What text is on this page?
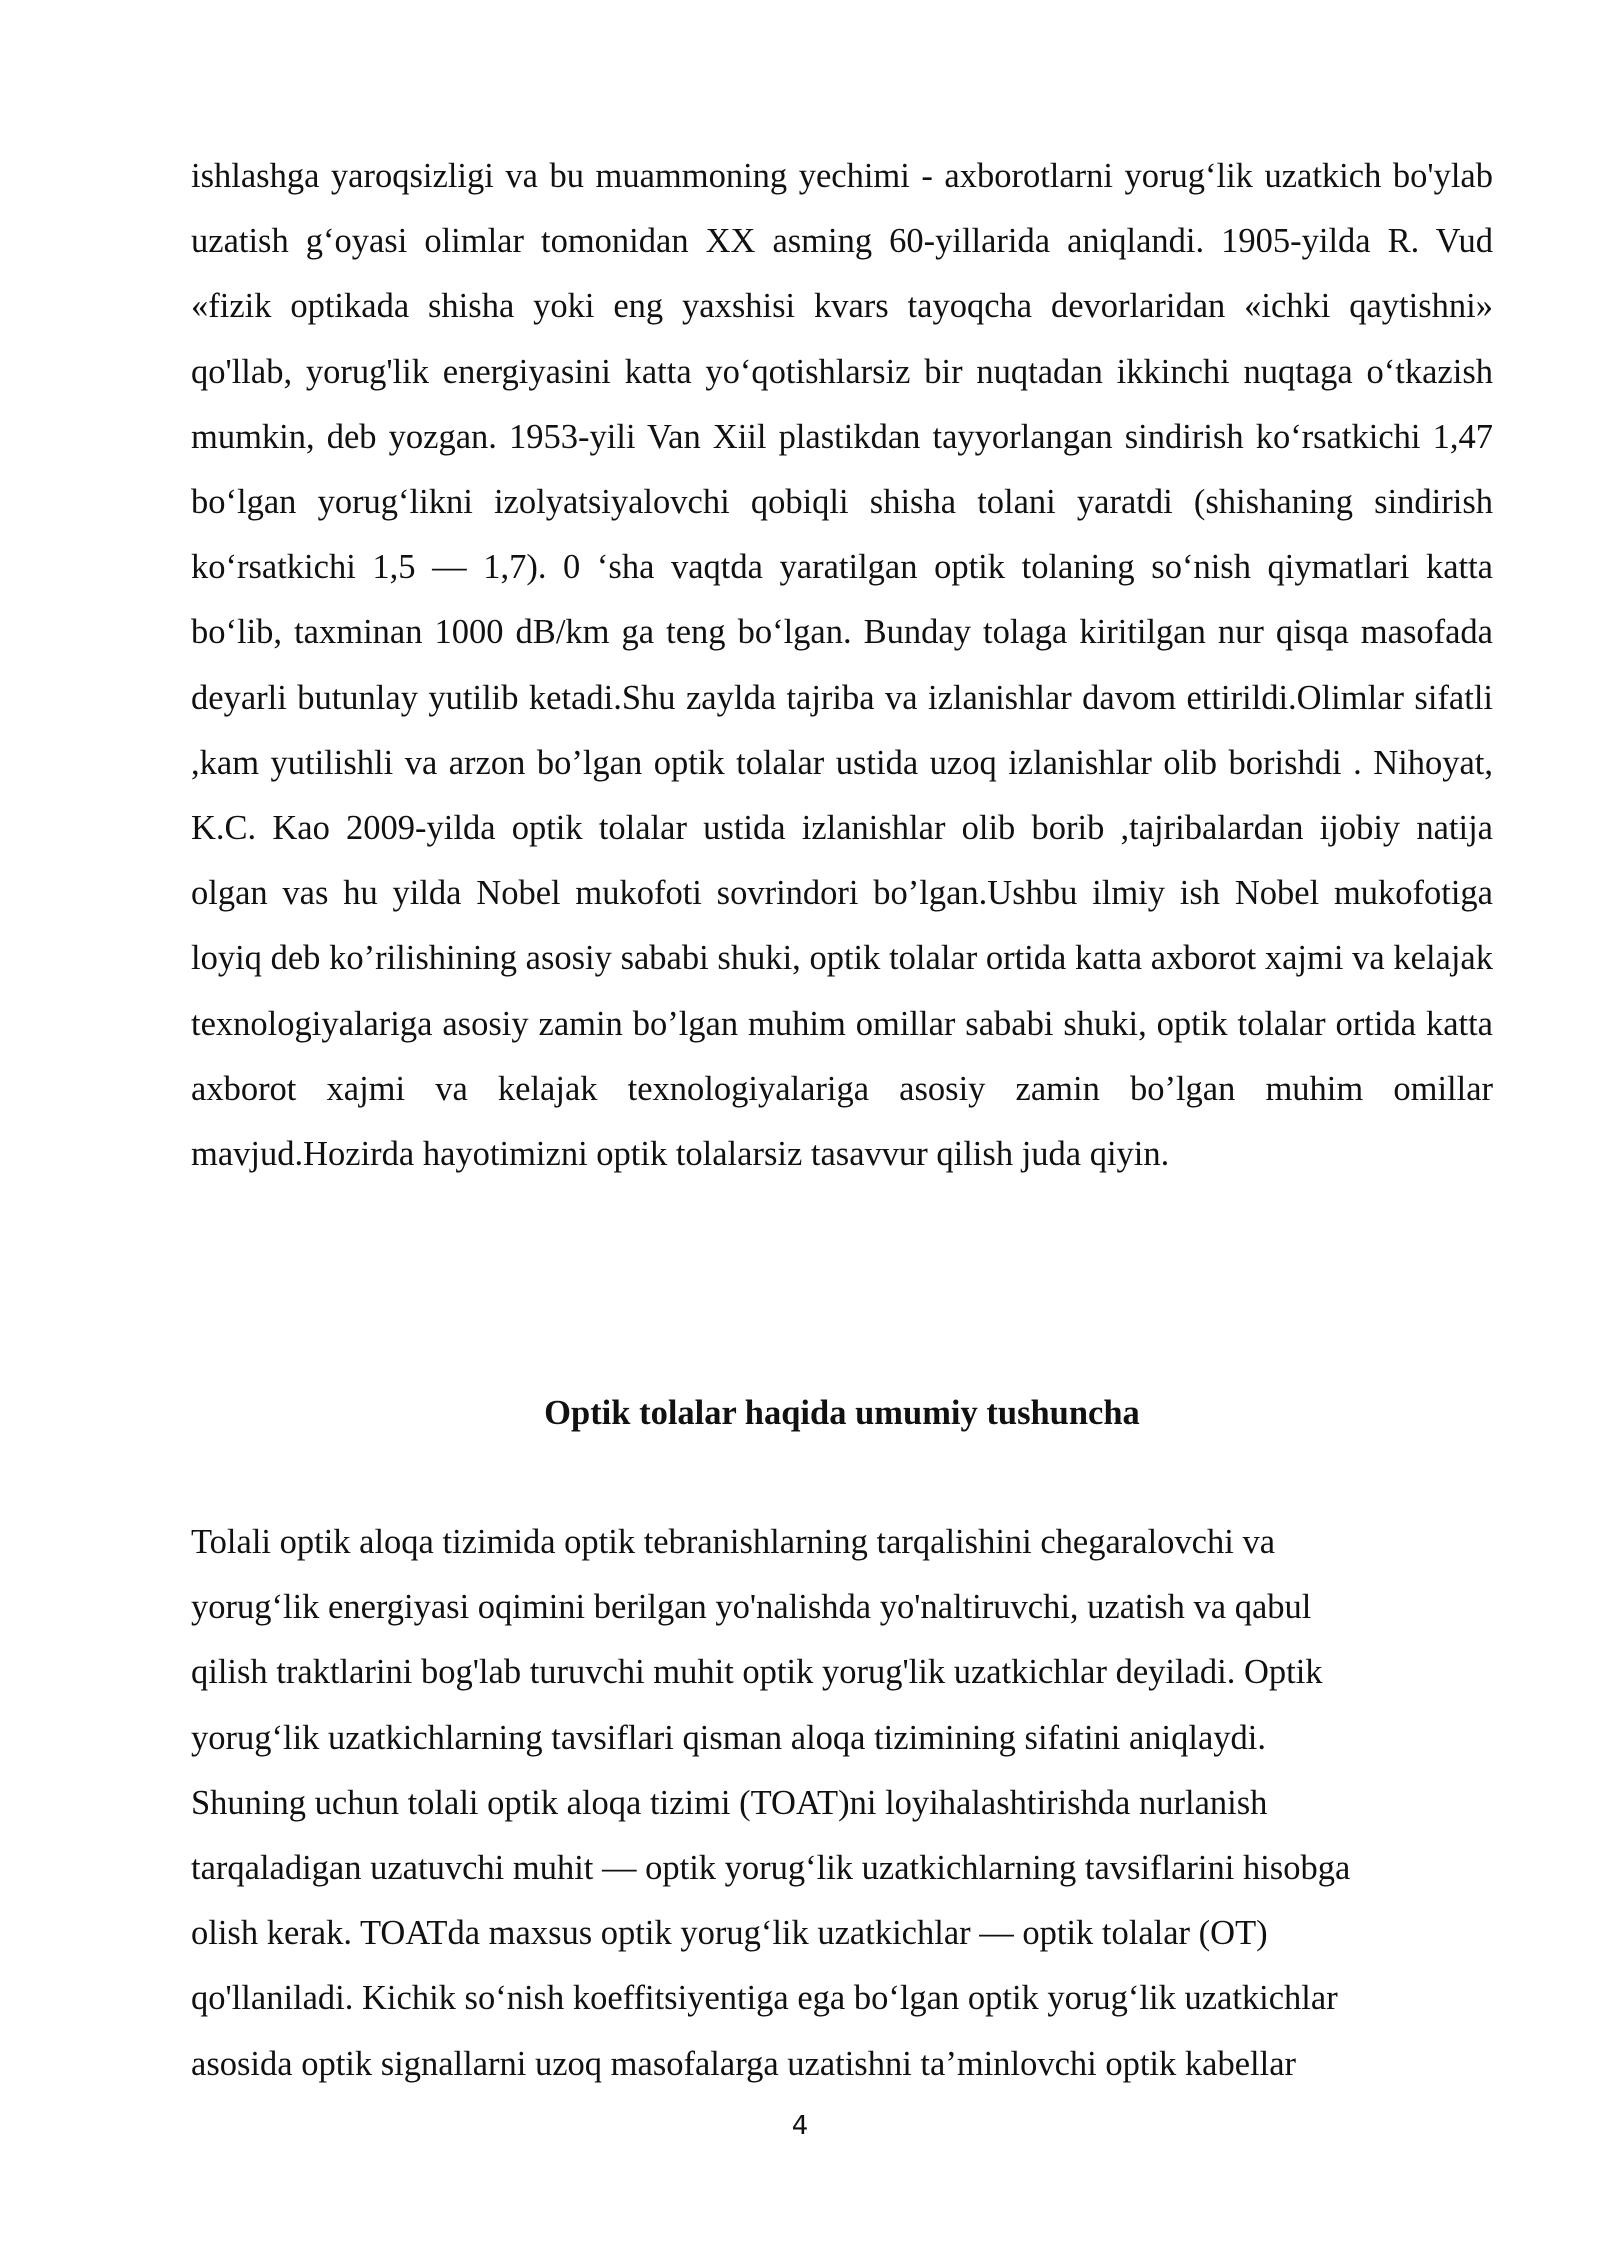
ishlashga yaroqsizligi va bu muammoning yechimi - axborotlarni yorug‘lik uzatkich bo'ylab uzatish g‘oyasi olimlar tomonidan XX asming 60-yillarida aniqlandi. 1905-yilda R. Vud «fizik optikada shisha yoki eng yaxshisi kvars tayoqcha devorlaridan «ichki qaytishni» qo'llab, yorug'lik energiyasini katta yo‘qotishlarsiz bir nuqtadan ikkinchi nuqtaga o‘tkazish mumkin, deb yozgan. 1953-yili Van Xiil plastikdan tayyorlangan sindirish ko‘rsatkichi 1,47 bo‘lgan yorug‘likni izolyatsiyalovchi qobiqli shisha tolani yaratdi (shishaning sindirish ko‘rsatkichi 1,5 — 1,7). 0 ‘sha vaqtda yaratilgan optik tolaning so‘nish qiymatlari katta bo‘lib, taxminan 1000 dB/km ga teng bo‘lgan. Bunday tolaga kiritilgan nur qisqa masofada deyarli butunlay yutilib ketadi.Shu zaylda tajriba va izlanishlar davom ettirildi.Olimlar sifatli ,kam yutilishli va arzon bo’lgan optik tolalar ustida uzoq izlanishlar olib borishdi . Nihoyat, K.C. Kao 2009-yilda optik tolalar ustida izlanishlar olib borib ,tajribalardan ijobiy natija olgan vas hu yilda Nobel mukofoti sovrindori bo’lgan.Ushbu ilmiy ish Nobel mukofotiga loyiq deb ko’rilishining asosiy sababi shuki, optik tolalar ortida katta axborot xajmi va kelajak texnologiyalariga asosiy zamin bo’lgan muhim omillar sababi shuki, optik tolalar ortida katta axborot xajmi va kelajak texnologiyalariga asosiy zamin bo’lgan muhim omillar mavjud.Hozirda hayotimizni optik tolalarsiz tasavvur qilish juda qiyin.

Optik tolalar haqida umumiy tushuncha

Tolali optik aloqa tizimida optik tebranishlarning tarqalishini chegaralovchi va
yorug‘lik energiyasi oqimini berilgan yo'nalishda yo'naltiruvchi, uzatish va qabul
qilish traktlarini bog'lab turuvchi muhit optik yorug'lik uzatkichlar deyiladi. Optik
yorug‘lik uzatkichlarning tavsiflari qisman aloqa tizimining sifatini aniqlaydi.
Shuning uchun tolali optik aloqa tizimi (TOAT)ni loyihalashtirishda nurlanish
tarqaladigan uzatuvchi muhit — optik yorug‘lik uzatkichlarning tavsiflarini hisobga
olish kerak. TOATda maxsus optik yorug‘lik uzatkichlar — optik tolalar (OT)
qo'llaniladi. Kichik so‘nish koeffitsiyentiga ega bo‘lgan optik yorug‘lik uzatkichlar
asosida optik signallarni uzoq masofalarga uzatishni ta’minlovchi optik kabellar

4
